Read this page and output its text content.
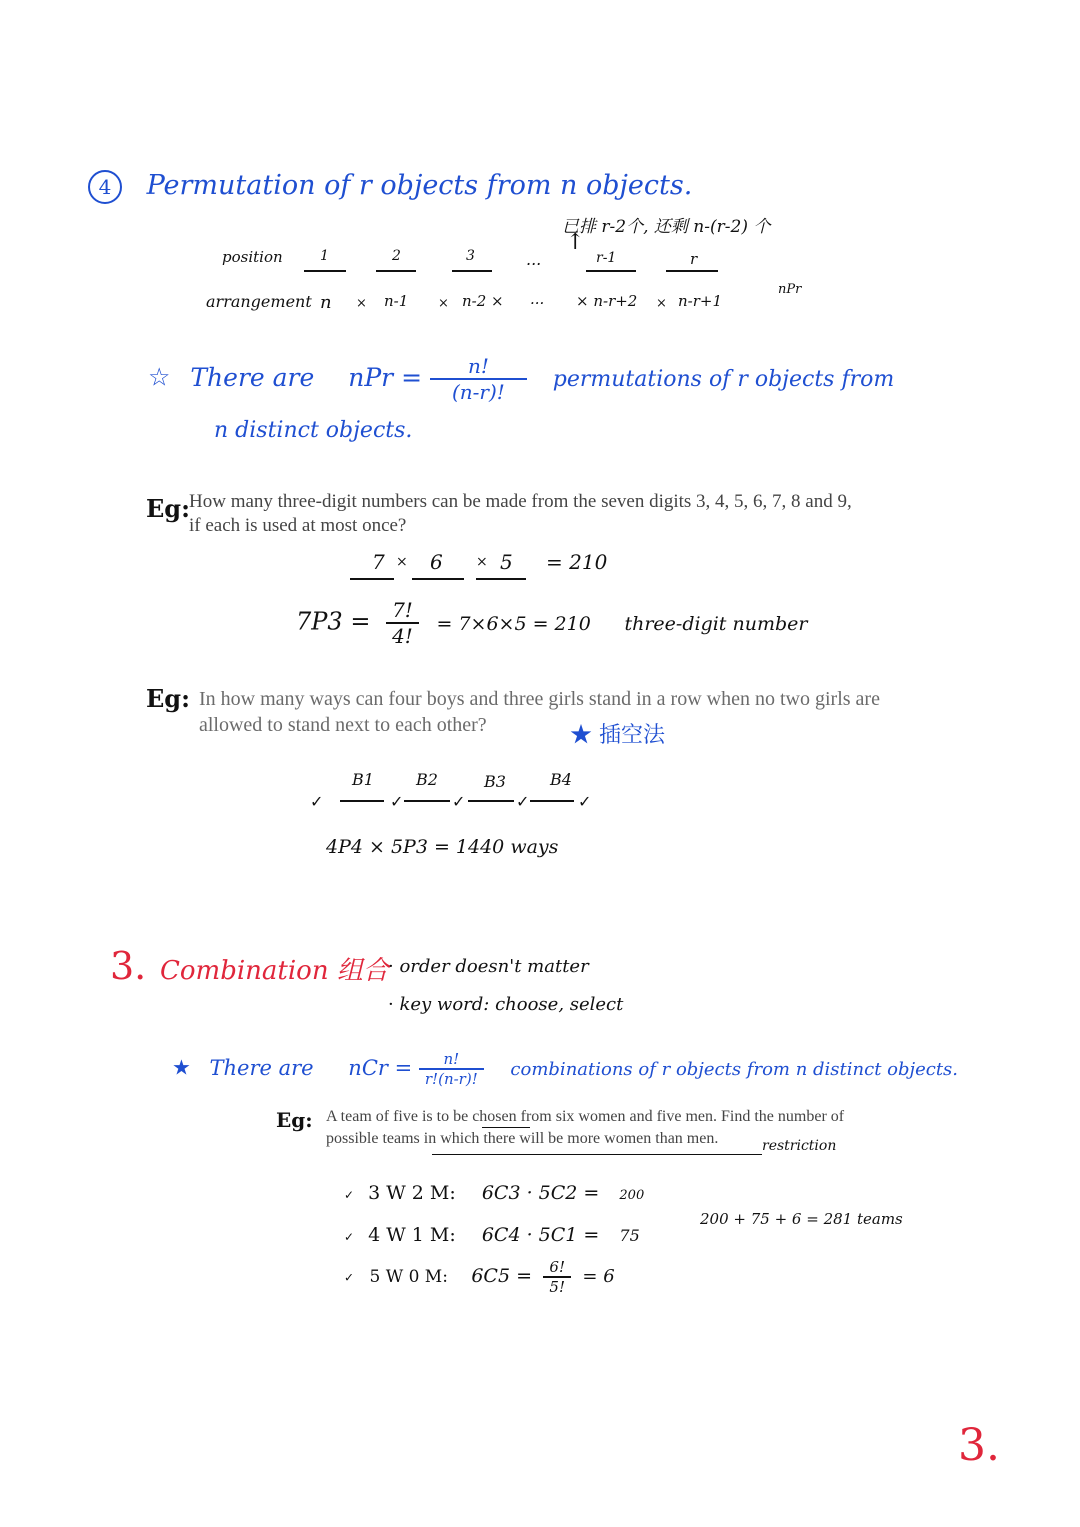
4 Permutation of r objects from n objects.
已排 r-2个, 还剩 n-(r-2) 个
↑
position	1	2	3	...	r-1	r
arrangement n × n-1 × n-2 × ... × n-r+2 × n-r+1
nPr
☆ There are nPr = $\frac{n!}{(n-r)!}$ permutations of r objects from
n distinct objects.
Eg: How many three-digit numbers can be made from the seven digits 3, 4, 5, 6, 7, 8 and 9,
if each is used at most once?
7 × 6 × 5 = 210
$7P3 = \frac{7!}{4!} = 7\times 6\times 5 = 210$ three-digit number
Eg: In how many ways can four boys and three girls stand in a row when no two girls are
allowed to stand next to each other?	★ 插空法
✓
B1
✓
B2
✓
B3
✓
B4
✓
4P4 × 5P3 = 1440 ways
3. Combination 组合 · order doesn't matter
· key word: choose, select
★ There are nCr = $\frac{n!}{r!(n-r)!}$ combinations of r objects from n distinct objects.
Eg: A team of five is to be chosen from six women and five men. Find the number of
possible teams in which there will be more women than men.	restriction
✓ 3 W 2 M: 6C3 · 5C2 = 200
✓ 4 W 1 M: 6C4 · 5C1 = 75
✓ 5 W 0 M: $6C5 = \frac{6!}{5!} = 6$
200 + 75 + 6 = 281 teams
3.
